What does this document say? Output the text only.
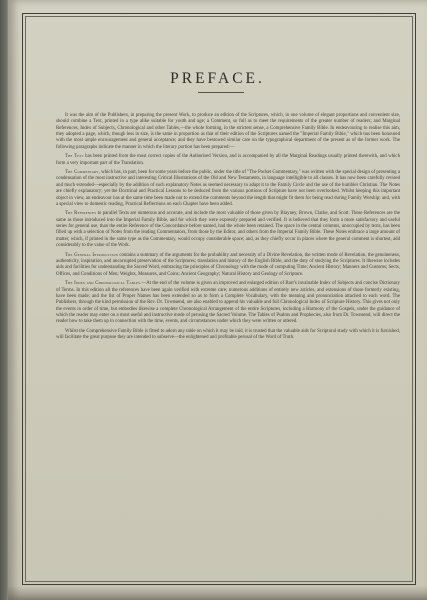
PREFACE.

It was the aim of the Publishers, in preparing the present Work, to produce an edition of the Scriptures, which, in one volume of elegant proportions and convenient size, should combine a Text, printed in a type alike suitable for youth and age; a Comment, so full as to meet the requirements of the greater number of readers; and Marginal References, Index of Subjects, Chronological and other Tables,—the whole forming, in the strictest sense, a Comprehensive Family Bible. In endeavouring to realise this aim, they adopted a page, which, though less in size, is the same in proportion as that of their edition of the Scriptures named the "Imperial Family Bible," which has been honoured with the most ample encouragement and general acceptance; and they have bestowed similar care on the typographical department of the present as of the former work. The following paragraphs indicate the manner in which the literary portion has been prepared:—

The Text has been printed from the most correct copies of the Authorised Version, and is accompanied by all the Marginal Readings usually printed therewith, and which form a very important part of the Translation.

The Commentary, which has, in part, been for some years before the public, under the title of "The Pocket Commentary," was written with the special design of presenting a condensation of the most instructive and interesting Critical Illustrations of the Old and New Testaments, in language intelligible to all classes. It has now been carefully revised and much extended—especially by the addition of such explanatory Notes as seemed necessary to adapt it to the Family Circle and the use of the humbler Christian. The Notes are chiefly explanatory; yet the Doctrinal and Practical Lessons to be deduced from the various portions of Scripture have not been overlooked. Whilst keeping this important object in view, an endeavour has at the same time been made not to extend the comments beyond the length that might fit them for being read during Family Worship; and, with a special view to domestic reading, Practical Reflections on each Chapter have been added.

The References to parallel Texts are numerous and accurate, and include the most valuable of those given by Blayney, Brown, Clarke, and Scott. These References are the same as those introduced into the Imperial Family Bible, and for which they were expressly prepared and verified. It is believed that they form a more satisfactory and useful series for general use, than the entire Reference of the Concordance before named, had the whole been retained. The space in the central columns, unoccupied by texts, has been filled up with a selection of Notes from the leading Commentators, from those by the Editor, and others from the Imperial Family Bible. These Notes embrace a large amount of matter, which, if printed in the same type as the Commentary, would occupy considerable space; and, as they chiefly occur in places where the general comment is shortest, add considerably to the value of the Work.

The General Introduction contains a summary of the arguments for the probability and necessity of a Divine Revelation, the written mode of Revelation, the genuineness, authenticity, inspiration, and uncorrupted preservation of the Scriptures; translation and history of the English Bible, and the duty of studying the Scriptures. It likewise includes aids and facilities for understanding the Sacred Word, embracing the principles of Chronology with the mode of computing Time; Ancient History; Manners and Customs; Sects, Offices, and Conditions of Men; Weights, Measures, and Coins; Ancient Geography; Natural History and Geology of Scripture.

The Index and Chronological Tables.—At the end of the volume is given an improved and enlarged edition of Barr's invaluable Index of Subjects and concise Dictionary of Terms. In this edition all the references have been again verified with extreme care; numerous additions of entirely new articles, and extensions of those formerly existing, have been made; and the list of Proper Names has been extended so as to form a Complete Vocabulary, with the meaning and pronunciation attached to each word. The Publishers, through the kind permission of the Rev. Dr. Townsend, are also enabled to append his valuable and full Chronological Index of Scripture History. This gives not only the events in order of time, but embodies likewise a complete Chronological Arrangement of the entire Scriptures, including a Harmony of the Gospels, under the guidance of which the reader may enter on a most useful and instructive mode of perusing the Sacred Volume. The Tables of Psalms and Prophecies, also from Dr. Townsend, will direct the reader how to take them up in connection with the time, events, and circumstances under which they were written or uttered.

Whilst the Comprehensive Family Bible is fitted to adorn any table on which it may be laid, it is trusted that the valuable aids for Scriptural study with which it is furnished, will facilitate the great purpose they are intended to subserve—the enlightened and profitable perusal of the Word of Truth.
